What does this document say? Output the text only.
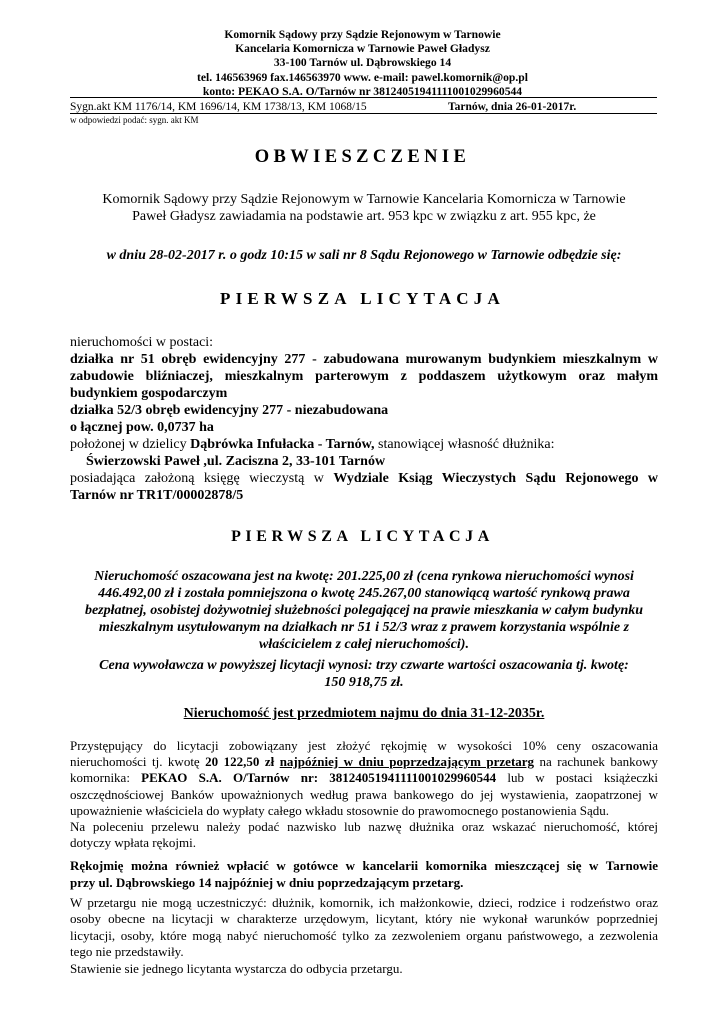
Komornik Sądowy przy Sądzie Rejonowym w Tarnowie
Kancelaria Komornicza w Tarnowie Paweł Gładysz
33-100 Tarnów ul. Dąbrowskiego 14
tel. 146563969 fax.146563970 www. e-mail: pawel.komornik@op.pl
konto: PEKAO S.A. O/Tarnów nr 38124051941111001029960544
Sygn.akt KM 1176/14, KM 1696/14, KM 1738/13, KM 1068/15	Tarnów, dnia 26-01-2017r.
w odpowiedzi podać: sygn. akt KM
OBWIESZCZENIE
Komornik Sądowy przy Sądzie Rejonowym w Tarnowie Kancelaria Komornicza w Tarnowie
Paweł Gładysz zawiadamia na podstawie art. 953 kpc w związku z art. 955 kpc, że
w dniu 28-02-2017 r. o godz 10:15 w sali nr 8 Sądu Rejonowego w Tarnowie odbędzie się:
PIERWSZA LICYTACJA
nieruchomości w postaci:
działka nr 51 obręb ewidencyjny 277 - zabudowana murowanym budynkiem mieszkalnym w
zabudowie bliźniaczej, mieszkalnym parterowym z poddaszem użytkowym oraz małym
budynkiem gospodarczym
działka 52/3 obręb ewidencyjny 277 - niezabudowana
o łącznej pow. 0,0737 ha
położonej w dzielicy Dąbrówka Infułacka - Tarnów, stanowiącej własność dłużnika:
Świerzowski Paweł ,ul. Zaciszna 2, 33-101 Tarnów
posiadająca założoną księgę wieczystą w Wydziale Ksiąg Wieczystych Sądu Rejonowego w
Tarnów nr TR1T/00002878/5
PIERWSZA LICYTACJA
Nieruchomość oszacowana jest na kwotę: 201.225,00 zł (cena rynkowa nieruchomości wynosi
446.492,00 zł i została pomniejszona o kwotę 245.267,00 stanowiącą wartość rynkową prawa
bezpłatnej, osobistej dożywotniej służebności polegającej na prawie mieszkania w całym budynku
mieszkalnym usytułowanym na działkach nr 51 i 52/3 wraz z prawem korzystania wspólnie z
właścicielem z całej nieruchomości).
Cena wywoławcza w powyższej licytacji wynosi: trzy czwarte wartości oszacowania tj. kwotę:
150 918,75 zł.
Nieruchomość jest przedmiotem najmu do dnia 31-12-2035r.
Przystępujący do licytacji zobowiązany jest złożyć rękojmię w wysokości 10% ceny oszacowania
nieruchomości tj. kwotę 20 122,50 zł najpóźniej w dniu poprzedzającym przetarg na rachunek bankowy
komornika: PEKAO S.A. O/Tarnów nr: 38124051941111001029960544 lub w postaci książeczki
oszczędnościowej Banków upoważnionych według prawa bankowego do jej wystawienia, zaopatrzonej w
upoważnienie właściciela do wypłaty całego wkładu stosownie do prawomocnego postanowienia Sądu.
Na poleceniu przelewu należy podać nazwisko lub nazwę dłużnika oraz wskazać nieruchomość, której
dotyczy wpłata rękojmi.
Rękojmię można również wpłacić w gotówce w kancelarii komornika mieszczącej się w Tarnowie
przy ul. Dąbrowskiego 14 najpóźniej w dniu poprzedzającym przetarg.
W przetargu nie mogą uczestniczyć: dłużnik, komornik, ich małżonkowie, dzieci, rodzice i rodzeństwo oraz
osoby obecne na licytacji w charakterze urzędowym, licytant, który nie wykonał warunków poprzedniej
licytacji, osoby, które mogą nabyć nieruchomość tylko za zezwoleniem organu państwowego, a zezwolenia
tego nie przedstawiły.
Stawienie sie jednego licytanta wystarcza do odbycia przetargu.
